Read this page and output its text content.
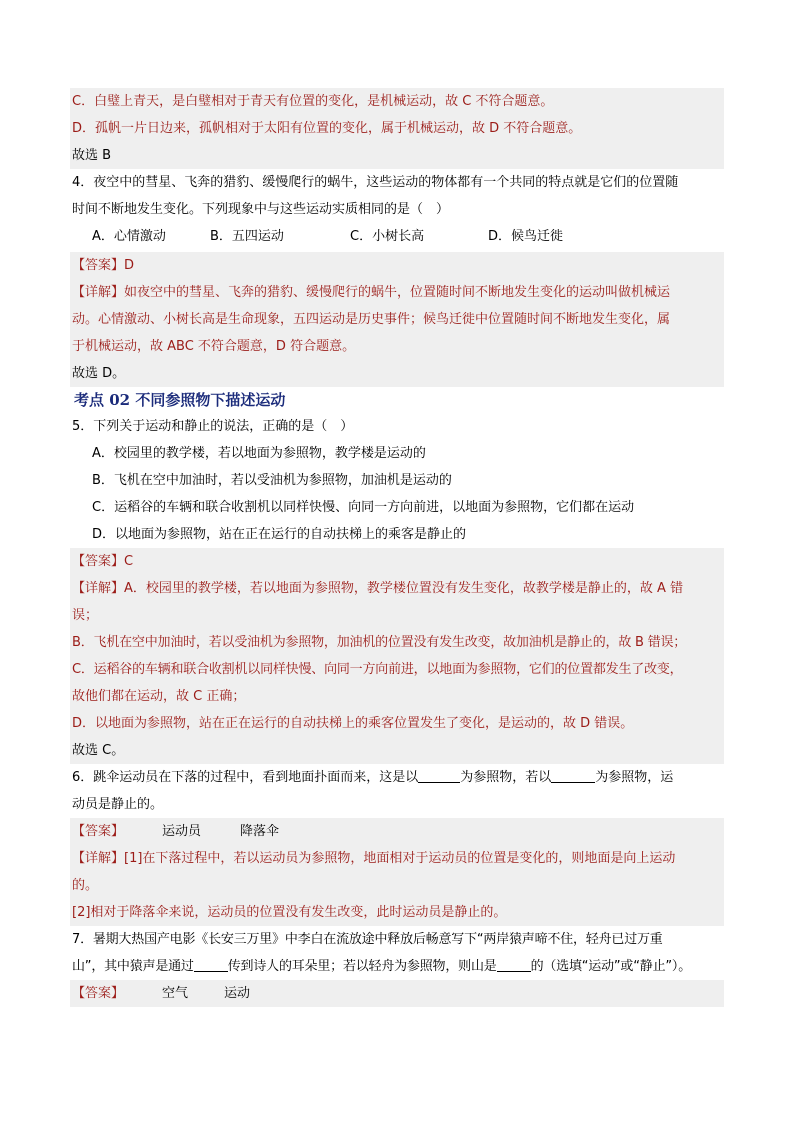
C．白璧上青天，是白璧相对于青天有位置的变化，是机械运动，故 C 不符合题意。
D．孤帆一片日边来，孤帆相对于太阳有位置的变化，属于机械运动，故 D 不符合题意。
故选 B
4．夜空中的彗星、飞奔的猎豹、缓慢爬行的蜗牛，这些运动的物体都有一个共同的特点就是它们的位置随
时间不断地发生变化。下列现象中与这些运动实质相同的是（　）
A．心情激动	B．五四运动	C．小树长高	D．候鸟迁徙
【答案】D
【详解】如夜空中的彗星、飞奔的猎豹、缓慢爬行的蜗牛，位置随时间不断地发生变化的运动叫做机械运
动。心情激动、小树长高是生命现象，五四运动是历史事件；候鸟迁徙中位置随时间不断地发生变化，属
于机械运动，故 ABC 不符合题意，D 符合题意。
故选 D。
考点 02 不同参照物下描述运动
5．下列关于运动和静止的说法，正确的是（　）
A．校园里的教学楼，若以地面为参照物，教学楼是运动的
B．飞机在空中加油时，若以受油机为参照物，加油机是运动的
C．运稻谷的车辆和联合收割机以同样快慢、向同一方向前进，以地面为参照物，它们都在运动
D．以地面为参照物，站在正在运行的自动扶梯上的乘客是静止的
【答案】C
【详解】A．校园里的教学楼，若以地面为参照物，教学楼位置没有发生变化，故教学楼是静止的，故 A 错
误；
B．飞机在空中加油时，若以受油机为参照物，加油机的位置没有发生改变，故加油机是静止的，故 B 错误；
C．运稻谷的车辆和联合收割机以同样快慢、向同一方向前进，以地面为参照物，它们的位置都发生了改变，
故他们都在运动，故 C 正确；
D．以地面为参照物，站在正在运行的自动扶梯上的乘客位置发生了变化，是运动的，故 D 错误。
故选 C。
6．跳伞运动员在下落的过程中，看到地面扑面而来，这是以	为参照物，若以	为参照物，运
动员是静止的。
【答案】	运动员	降落伞
【详解】[1]在下落过程中，若以运动员为参照物，地面相对于运动员的位置是变化的，则地面是向上运动
的。
[2]相对于降落伞来说，运动员的位置没有发生改变，此时运动员是静止的。
7．暑期大热国产电影《长安三万里》中李白在流放途中释放后畅意写下“两岸猿声啼不住，轻舟已过万重
山”，其中猿声是通过	传到诗人的耳朵里；若以轻舟为参照物，则山是	的（选填“运动”或“静止”）。
【答案】	空气	运动
